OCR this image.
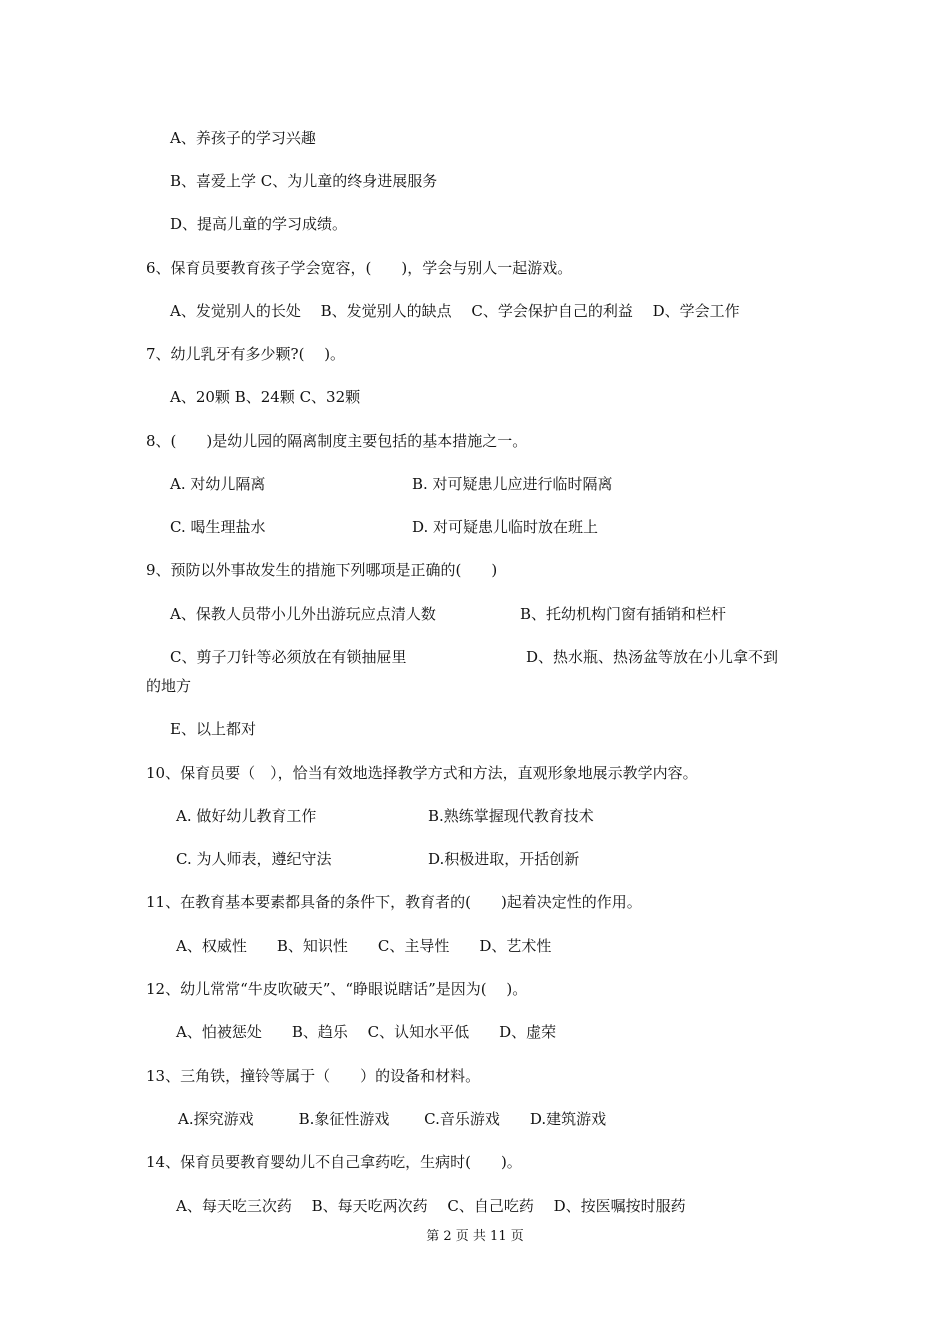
A、养孩子的学习兴趣
B、喜爱上学 C、为儿童的终身进展服务
D、提高儿童的学习成绩。
6、保育员要教育孩子学会宽容，(　　)，学会与别人一起游戏。
A、发觉别人的长处　 B、发觉别人的缺点　 C、学会保护自己的利益　 D、学会工作
7、幼儿乳牙有多少颗?(　 )。
A、20颗 B、24颗 C、32颗
8、(　　)是幼儿园的隔离制度主要包括的基本措施之一。
A. 对幼儿隔离	B. 对可疑患儿应进行临时隔离
C. 喝生理盐水	D. 对可疑患儿临时放在班上
9、预防以外事故发生的措施下列哪项是正确的(　　)
A、保教人员带小儿外出游玩应点清人数	B、托幼机构门窗有插销和栏杆
C、剪子刀针等必须放在有锁抽屉里	D、热水瓶、热汤盆等放在小儿拿不到
的地方
E、以上都对
10、保育员要（　），恰当有效地选择教学方式和方法，直观形象地展示教学内容。
A. 做好幼儿教育工作	B.熟练掌握现代教育技术
C. 为人师表，遵纪守法	D.积极进取，开括创新
11、在教育基本要素都具备的条件下，教育者的(　　)起着决定性的作用。
A、权威性　　B、知识性　　C、主导性　　D、艺术性
12、幼儿常常“牛皮吹破天”、“睁眼说瞎话”是因为(　 )。
A、怕被惩处　　B、趋乐　 C、认知水平低　　D、虚荣
13、三角铁，撞铃等属于（　　）的设备和材料。
A.探究游戏　　　B.象征性游戏　　 C.音乐游戏　　D.建筑游戏
14、保育员要教育婴幼儿不自己拿药吃，生病时(　　)。
A、每天吃三次药　 B、每天吃两次药　 C、自己吃药　 D、按医嘱按时服药
第 2 页 共 11 页
